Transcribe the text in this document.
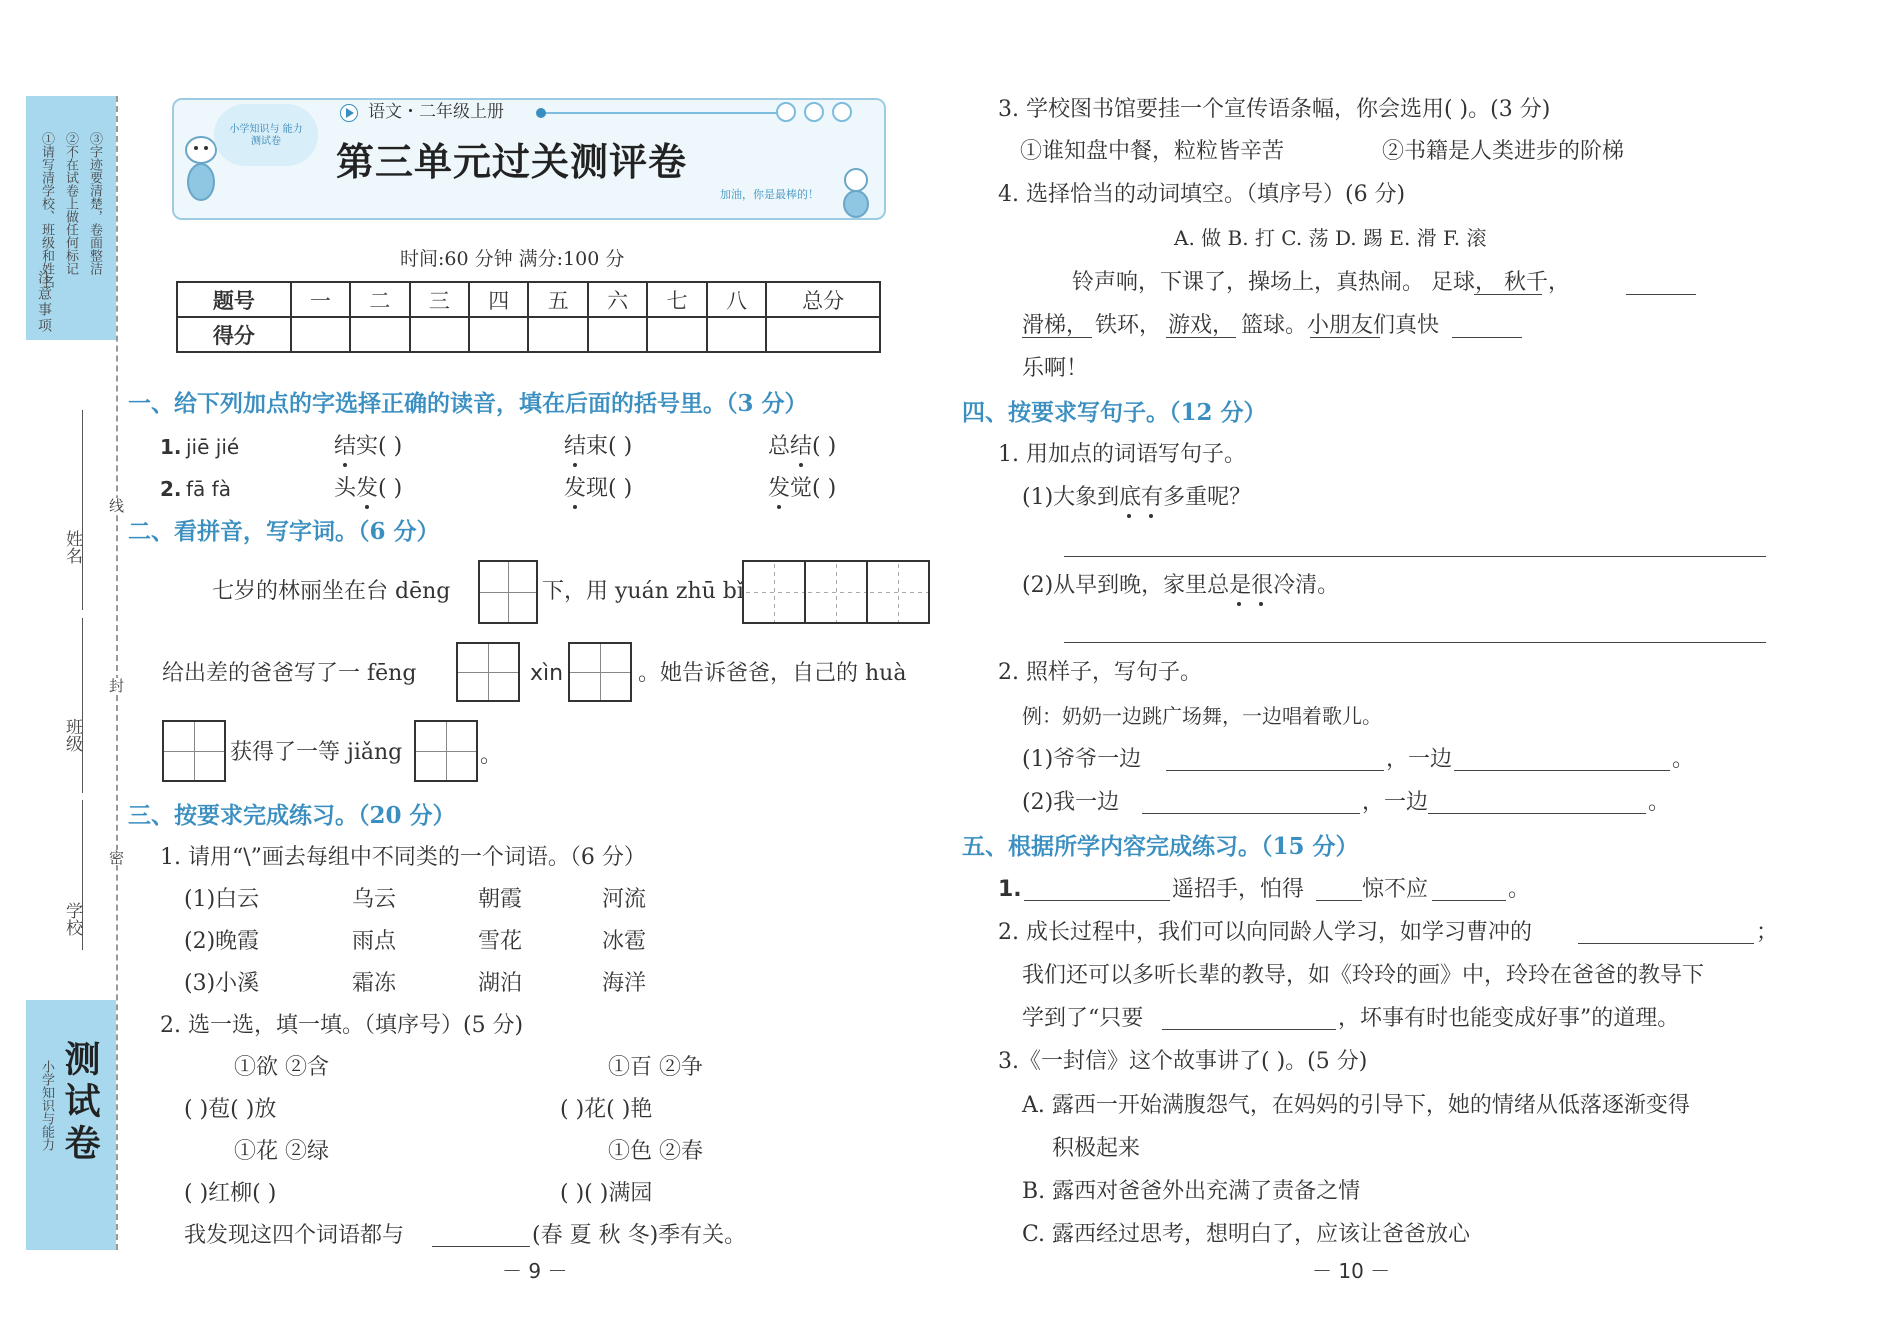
注意事项
①请写清学校、班级和姓名 ②不在试卷上做任何标记 ③字迹要清楚，卷面整洁
姓名
班级
学校
线
封
密
小学知识与能力 测试卷
小学知识与 能力测试卷
语文・二年级上册
第三单元过关测评卷
加油，你是最棒的！
时间:60 分钟 满分:100 分
题号	一	二	三	四	五	六	七	八	总分
得分									
一、给下列加点的字选择正确的读音，填在后面的括号里。（3 分）
1. jiē jié	结实( )	结束( )	总结( )
2. fā fà	头发( )	发现( )	发觉( )
二、看拼音，写字词。（6 分）
七岁的林丽坐在台 dēng	下，用 yuán zhū bǐ
给出差的爸爸写了一 fēng	xìn	。她告诉爸爸，自己的 huà
获得了一等 jiǎng	。
三、按要求完成练习。（20 分）
1. 请用“\”画去每组中不同类的一个词语。（6 分）
(1)白云	乌云	朝霞	河流
(2)晚霞	雨点	雪花	冰雹
(3)小溪	霜冻	湖泊	海洋
2. 选一选，填一填。（填序号）(5 分)
①欲 ②含	①百 ②争
( )苞( )放	( )花( )艳
①花 ②绿	①色 ②春
( )红柳( )	( )( )满园
我发现这四个词语都与	(春 夏 秋 冬)季有关。
－ 9 －
3. 学校图书馆要挂一个宣传语条幅，你会选用( )。(3 分)
①谁知盘中餐，粒粒皆辛苦	②书籍是人类进步的阶梯
4. 选择恰当的动词填空。（填序号）(6 分)
A. 做 B. 打 C. 荡 D. 踢 E. 滑 F. 滚
铃声响，下课了，操场上，真热闹。 足球， 秋千，
滑梯， 铁环， 游戏， 篮球。小朋友们真快
乐啊！
四、按要求写句子。（12 分）
1. 用加点的词语写句子。
(1)大象到底有多重呢？
(2)从早到晚，家里总是很冷清。
2. 照样子，写句子。
例：奶奶一边跳广场舞，一边唱着歌儿。
(1)爷爷一边	，一边	。
(2)我一边	，一边	。
五、根据所学内容完成练习。（15 分）
1.	遥招手，怕得	惊不应	。
2. 成长过程中，我们可以向同龄人学习，如学习曹冲的	；
我们还可以多听长辈的教导，如《玲玲的画》中，玲玲在爸爸的教导下
学到了“只要	，坏事有时也能变成好事”的道理。
3.《一封信》这个故事讲了( )。(5 分)
A. 露西一开始满腹怨气，在妈妈的引导下，她的情绪从低落逐渐变得
积极起来
B. 露西对爸爸外出充满了责备之情
C. 露西经过思考，想明白了，应该让爸爸放心
－ 10 －
